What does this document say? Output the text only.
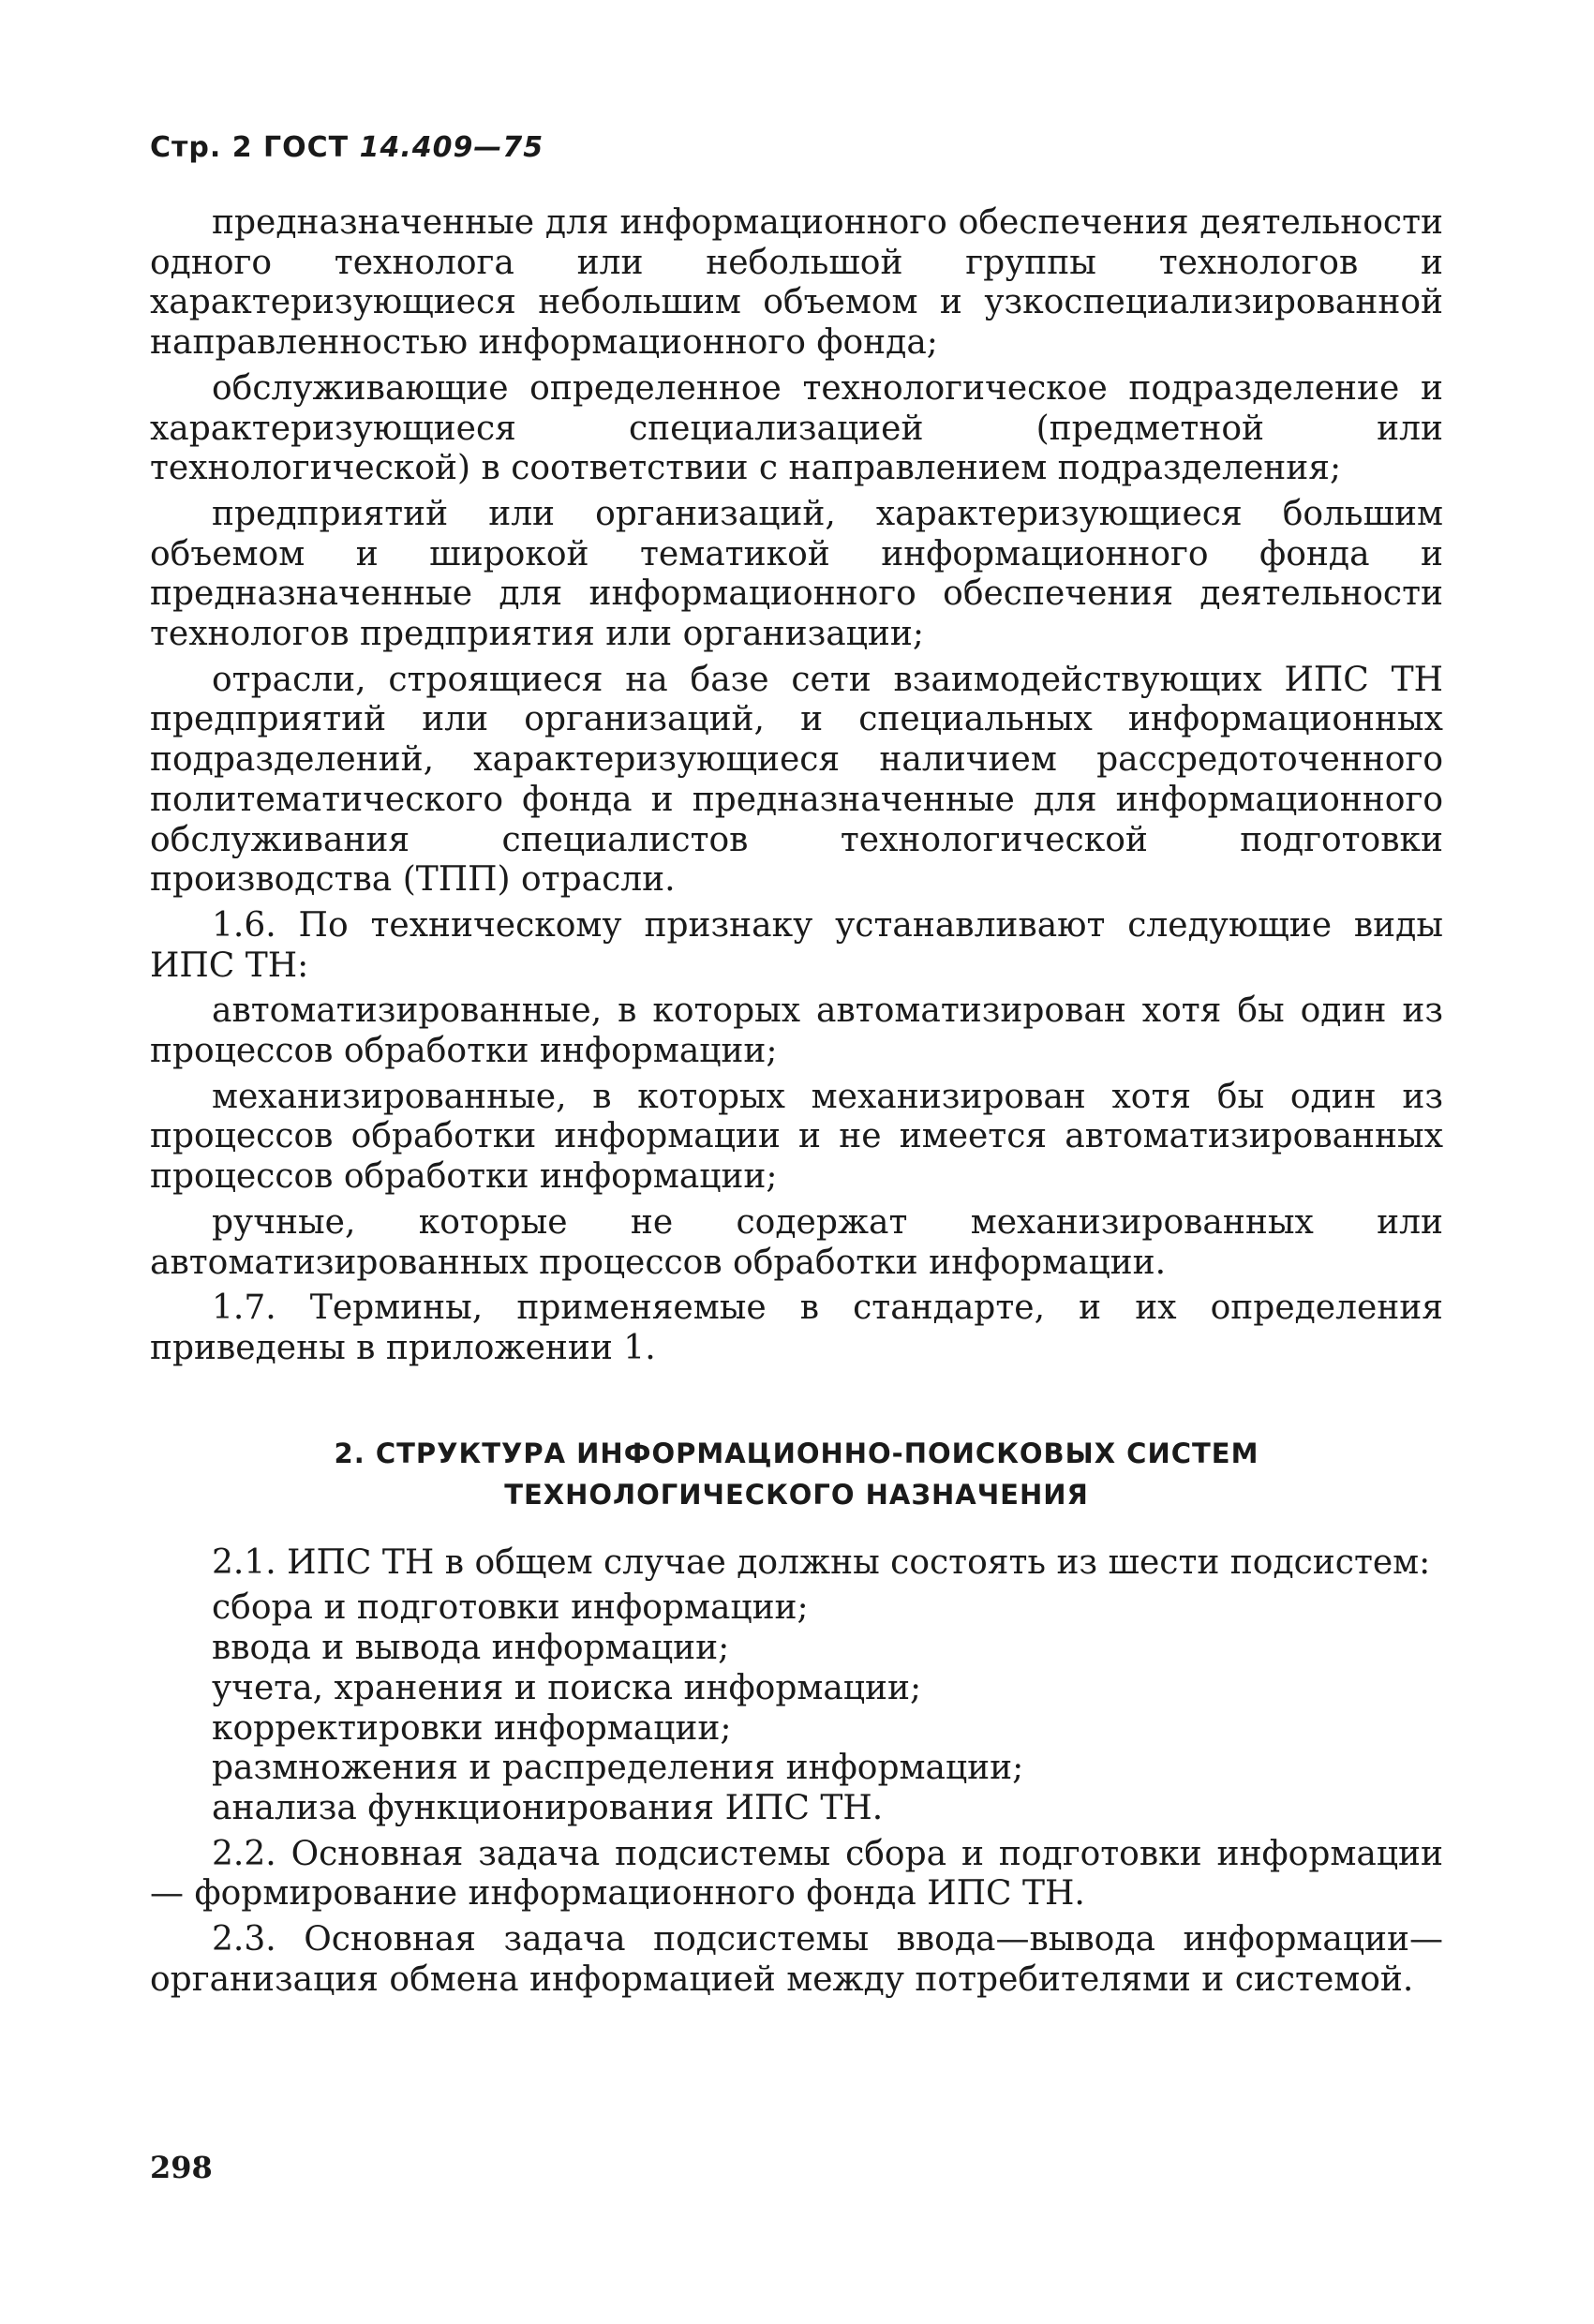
Стр. 2 ГОСТ 14.409—75

предназначенные для информационного обеспечения деятельности одного технолога или небольшой группы технологов и характеризующиеся небольшим объемом и узкоспециализированной направленностью информационного фонда;

обслуживающие определенное технологическое подразделение и характеризующиеся специализацией (предметной или технологической) в соответствии с направлением подразделения;

предприятий или организаций, характеризующиеся большим объемом и широкой тематикой информационного фонда и предназначенные для информационного обеспечения деятельности технологов предприятия или организации;

отрасли, строящиеся на базе сети взаимодействующих ИПС ТН предприятий или организаций, и специальных информационных подразделений, характеризующиеся наличием рассредоточенного политематического фонда и предназначенные для информационного обслуживания специалистов технологической подготовки производства (ТПП) отрасли.

1.6. По техническому признаку устанавливают следующие виды ИПС ТН:

автоматизированные, в которых автоматизирован хотя бы один из процессов обработки информации;

механизированные, в которых механизирован хотя бы один из процессов обработки информации и не имеется автоматизированных процессов обработки информации;

ручные, которые не содержат механизированных или автоматизированных процессов обработки информации.

1.7. Термины, применяемые в стандарте, и их определения приведены в приложении 1.

2. СТРУКТУРА ИНФОРМАЦИОННО-ПОИСКОВЫХ СИСТЕМ
ТЕХНОЛОГИЧЕСКОГО НАЗНАЧЕНИЯ

2.1. ИПС ТН в общем случае должны состоять из шести подсистем:

сбора и подготовки информации;

ввода и вывода информации;

учета, хранения и поиска информации;

корректировки информации;

размножения и распределения информации;

анализа функционирования ИПС ТН.

2.2. Основная задача подсистемы сбора и подготовки информации — формирование информационного фонда ИПС ТН.

2.3. Основная задача подсистемы ввода—вывода информации— организация обмена информацией между потребителями и системой.

298
